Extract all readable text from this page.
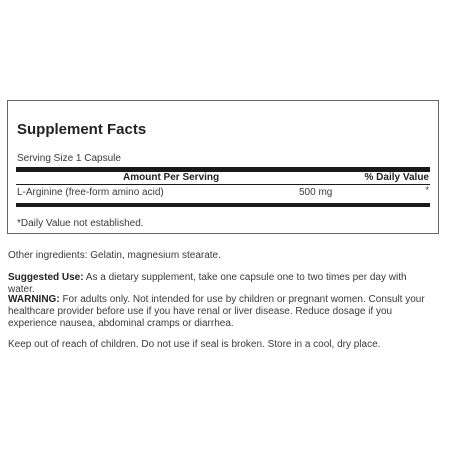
Supplement Facts
Serving Size 1 Capsule
Amount Per Serving	% Daily Value
L-Arginine (free-form amino acid)	500 mg	*
*Daily Value not established.

Other ingredients: Gelatin, magnesium stearate.

Suggested Use: As a dietary supplement, take one capsule one to two times per day with water.

WARNING: For adults only. Not intended for use by children or pregnant women. Consult your healthcare provider before use if you have renal or liver disease. Reduce dosage if you experience nausea, abdominal cramps or diarrhea.

Keep out of reach of children. Do not use if seal is broken. Store in a cool, dry place.
